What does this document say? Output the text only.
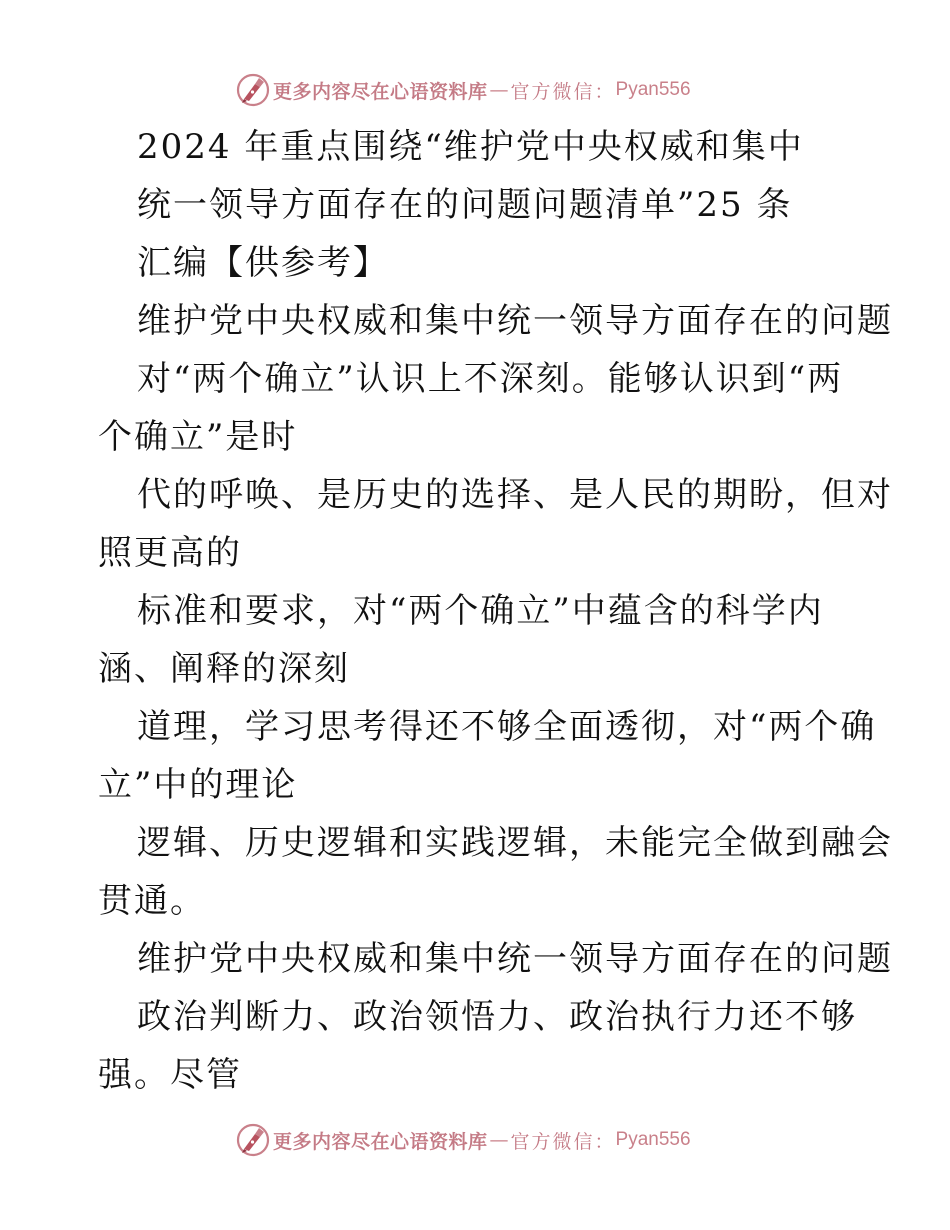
更多内容尽在心语资料库 — 官方微信： Pyan556
2024 年重点围绕“维护党中央权威和集中
统一领导方面存在的问题问题清单”25 条
汇编【供参考】
维护党中央权威和集中统一领导方面存在的问题
对“两个确立”认识上不深刻。能够认识到“两
个确立”是时
代的呼唤、是历史的选择、是人民的期盼，但对
照更高的
标准和要求，对“两个确立”中蕴含的科学内
涵、阐释的深刻
道理，学习思考得还不够全面透彻，对“两个确
立”中的理论
逻辑、历史逻辑和实践逻辑，未能完全做到融会
贯通。
维护党中央权威和集中统一领导方面存在的问题
政治判断力、政治领悟力、政治执行力还不够
强。尽管
更多内容尽在心语资料库 — 官方微信： Pyan556
